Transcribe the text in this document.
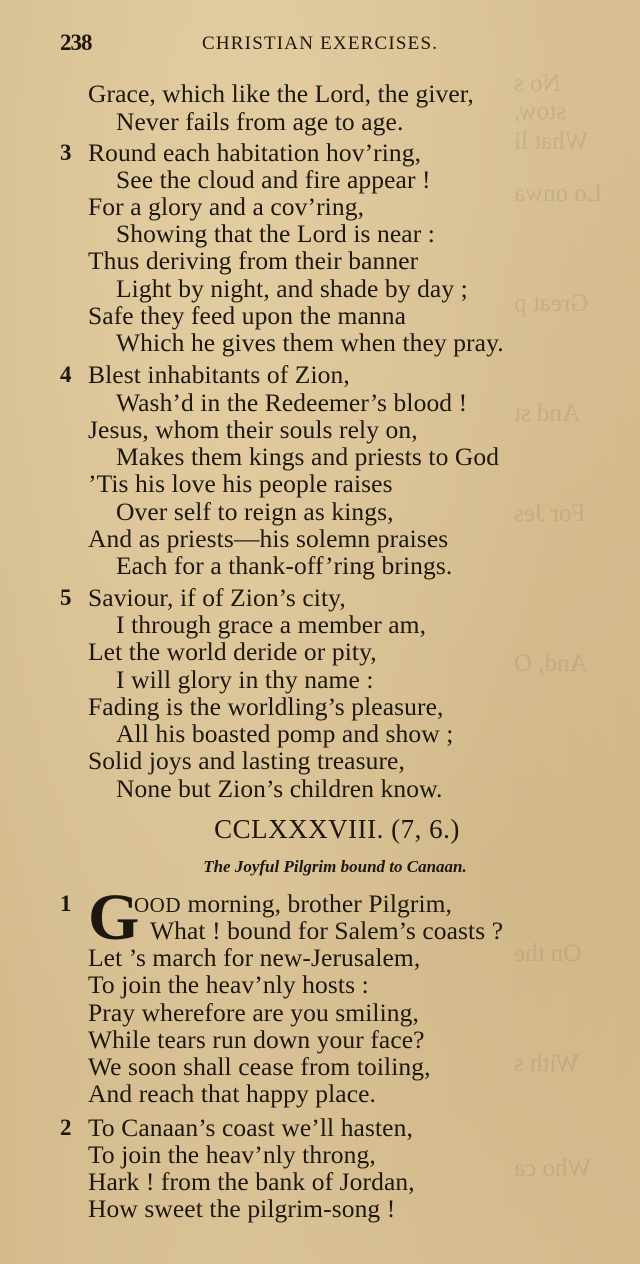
No s
stow,
What li
Lo onwa
Great p
And st
For Jes
And, O
On the
With s
Who ca
238	CHRISTIAN EXERCISES.
Grace, which like the Lord, the giver,
Never fails from age to age.
3 Round each habitation hov’ring,
See the cloud and fire appear !
For a glory and a cov’ring,
Showing that the Lord is near :
Thus deriving from their banner
Light by night, and shade by day ;
Safe they feed upon the manna
Which he gives them when they pray.
4 Blest inhabitants of Zion,
Wash’d in the Redeemer’s blood !
Jesus, whom their souls rely on,
Makes them kings and priests to God
’Tis his love his people raises
Over self to reign as kings,
And as priests—his solemn praises
Each for a thank-off’ring brings.
5 Saviour, if of Zion’s city,
I through grace a member am,
Let the world deride or pity,
I will glory in thy name :
Fading is the worldling’s pleasure,
All his boasted pomp and show ;
Solid joys and lasting treasure,
None but Zion’s children know.
CCLXXXVIII. (7, 6.)
The Joyful Pilgrim bound to Canaan.
1 G
OOD morning, brother Pilgrim,
What ! bound for Salem’s coasts ?
Let ’s march for new-Jerusalem,
To join the heav’nly hosts :
Pray wherefore are you smiling,
While tears run down your face?
We soon shall cease from toiling,
And reach that happy place.
2 To Canaan’s coast we’ll hasten,
To join the heav’nly throng,
Hark ! from the bank of Jordan,
How sweet the pilgrim-song !
